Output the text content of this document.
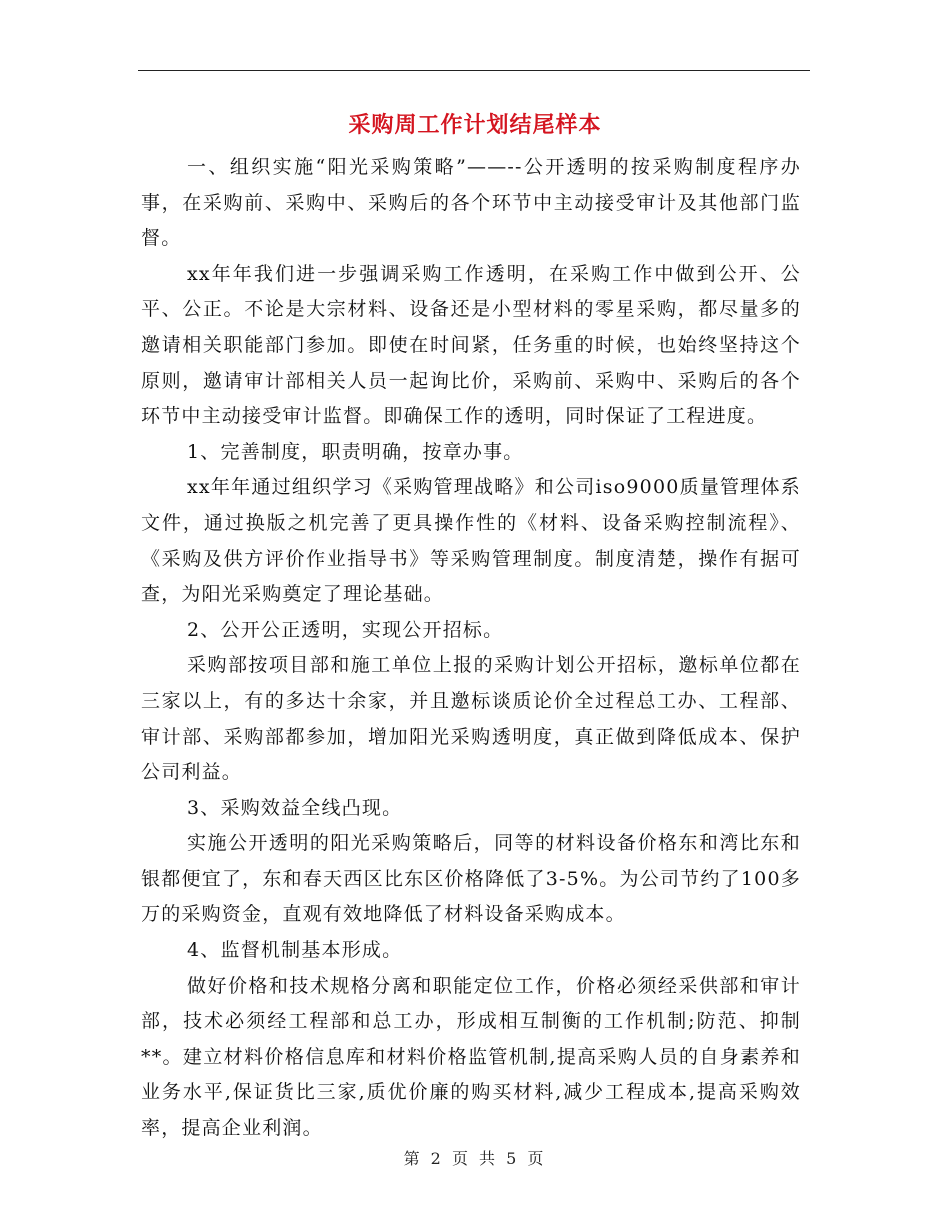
采购周工作计划结尾样本

一、组织实施“阳光采购策略”——--公开透明的按采购制度程序办事，在采购前、采购中、采购后的各个环节中主动接受审计及其他部门监督。

xx年年我们进一步强调采购工作透明，在采购工作中做到公开、公平、公正。不论是大宗材料、设备还是小型材料的零星采购，都尽量多的邀请相关职能部门参加。即使在时间紧，任务重的时候，也始终坚持这个原则，邀请审计部相关人员一起询比价，采购前、采购中、采购后的各个环节中主动接受审计监督。即确保工作的透明，同时保证了工程进度。

1、完善制度，职责明确，按章办事。

xx年年通过组织学习《采购管理战略》和公司iso9000质量管理体系文件，通过换版之机完善了更具操作性的《材料、设备采购控制流程》、《采购及供方评价作业指导书》等采购管理制度。制度清楚，操作有据可查，为阳光采购奠定了理论基础。

2、公开公正透明，实现公开招标。

采购部按项目部和施工单位上报的采购计划公开招标，邀标单位都在三家以上，有的多达十余家，并且邀标谈质论价全过程总工办、工程部、审计部、采购部都参加，增加阳光采购透明度，真正做到降低成本、保护公司利益。

3、采购效益全线凸现。

实施公开透明的阳光采购策略后，同等的材料设备价格东和湾比东和银都便宜了，东和春天西区比东区价格降低了3-5%。为公司节约了100多万的采购资金，直观有效地降低了材料设备采购成本。

4、监督机制基本形成。

做好价格和技术规格分离和职能定位工作，价格必须经采供部和审计部，技术必须经工程部和总工办，形成相互制衡的工作机制;防范、抑制**。建立材料价格信息库和材料价格监管机制,提高采购人员的自身素养和业务水平,保证货比三家,质优价廉的购买材料,减少工程成本,提高采购效率，提高企业利润。

第 2 页 共 5 页
